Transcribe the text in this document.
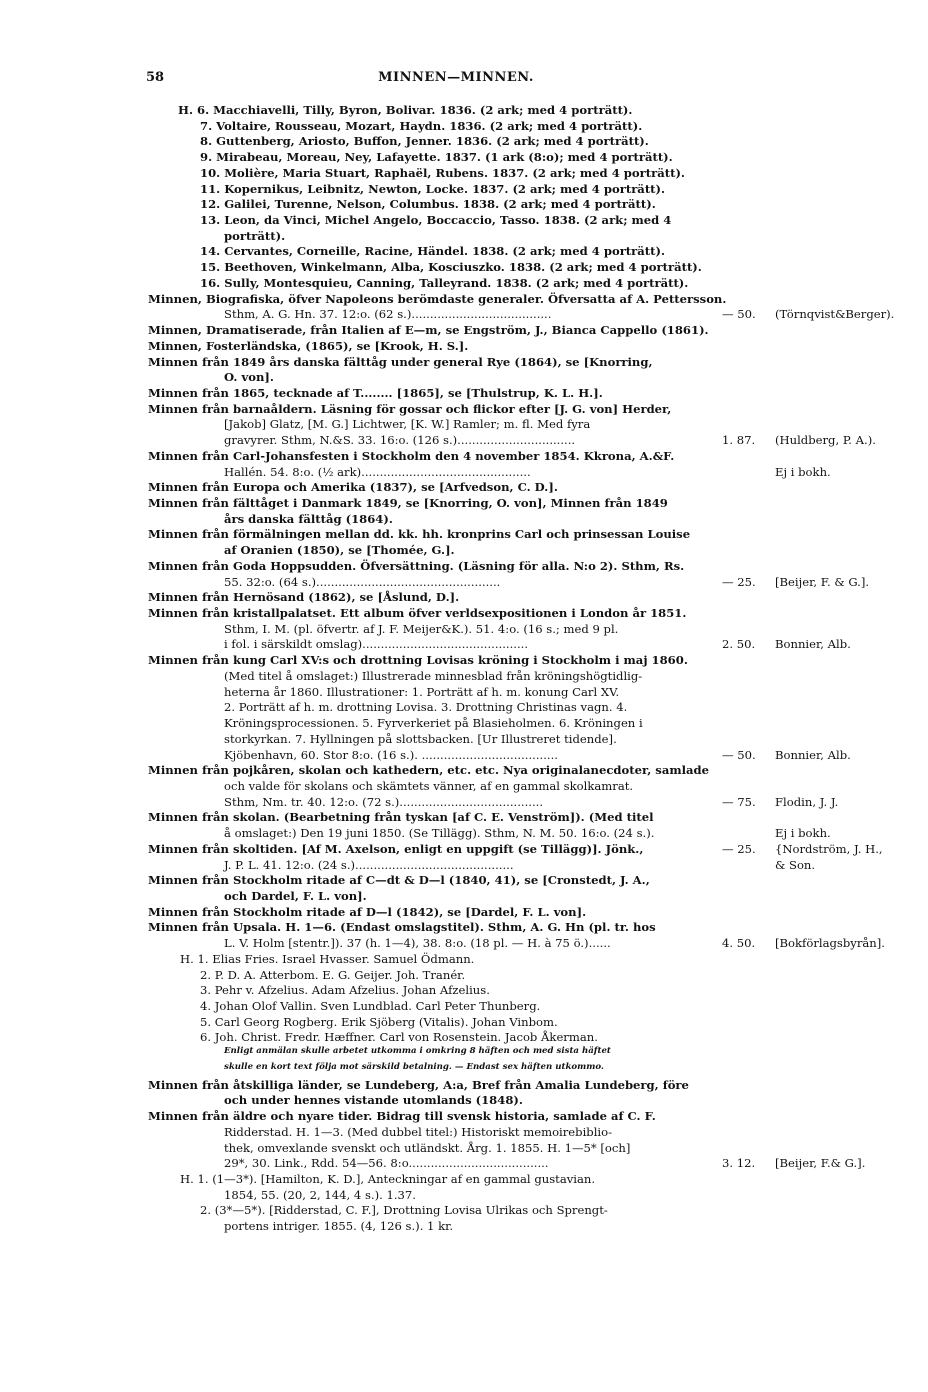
58	MINNEN—MINNEN.
H. 6. Macchiavelli, Tilly, Byron, Bolivar. 1836. (2 ark; med 4 porträtt).
7. Voltaire, Rousseau, Mozart, Haydn. 1836. (2 ark; med 4 porträtt).
8. Guttenberg, Ariosto, Buffon, Jenner. 1836. (2 ark; med 4 porträtt).
9. Mirabeau, Moreau, Ney, Lafayette. 1837. (1 ark (8:o); med 4 porträtt).
10. Molière, Maria Stuart, Raphaël, Rubens. 1837. (2 ark; med 4 porträtt).
11. Kopernikus, Leibnitz, Newton, Locke. 1837. (2 ark; med 4 porträtt).
12. Galilei, Turenne, Nelson, Columbus. 1838. (2 ark; med 4 porträtt).
13. Leon, da Vinci, Michel Angelo, Boccaccio, Tasso. 1838. (2 ark; med 4
porträtt).
14. Cervantes, Corneille, Racine, Händel. 1838. (2 ark; med 4 porträtt).
15. Beethoven, Winkelmann, Alba, Kosciuszko. 1838. (2 ark; med 4 porträtt).
16. Sully, Montesquieu, Canning, Talleyrand. 1838. (2 ark; med 4 porträtt).
Minnen, Biografiska, öfver Napoleons berömdaste generaler. Öfversatta af A. Pettersson.
Sthm, A. G. Hn. 37. 12:o. (62 s.)......................................	— 50. (Törnqvist&Berger).
Minnen, Dramatiserade, från Italien af E—m, se Engström, J., Bianca Cappello (1861).
Minnen, Fosterländska, (1865), se [Krook, H. S.].
Minnen från 1849 års danska fälttåg under general Rye (1864), se [Knorring,
O. von].
Minnen från 1865, tecknade af T........ [1865], se [Thulstrup, K. L. H.].
Minnen från barnaåldern. Läsning för gossar och flickor efter [J. G. von] Herder,
[Jakob] Glatz, [M. G.] Lichtwer, [K. W.] Ramler; m. fl. Med fyra
gravyrer. Sthm, N.&S. 33. 16:o. (126 s.)................................	1. 87. (Huldberg, P. A.).
Minnen från Carl-Johansfesten i Stockholm den 4 november 1854. Kkrona, A.&F.
Hallén. 54. 8:o. (½ ark)..............................................	Ej i bokh.
Minnen från Europa och Amerika (1837), se [Arfvedson, C. D.].
Minnen från fälttåget i Danmark 1849, se [Knorring, O. von], Minnen från 1849
års danska fälttåg (1864).
Minnen från förmälningen mellan dd. kk. hh. kronprins Carl och prinsessan Louise
af Oranien (1850), se [Thomée, G.].
Minnen från Goda Hoppsudden. Öfversättning. (Läsning för alla. N:o 2). Sthm, Rs.
55. 32:o. (64 s.)..................................................	— 25. [Beijer, F. & G.].
Minnen från Hernösand (1862), se [Åslund, D.].
Minnen från kristallpalatset. Ett album öfver verldsexpositionen i London år 1851.
Sthm, I. M. (pl. öfvertr. af J. F. Meijer&K.). 51. 4:o. (16 s.; med 9 pl.
i fol. i särskildt omslag).............................................	2. 50. Bonnier, Alb.
Minnen från kung Carl XV:s och drottning Lovisas kröning i Stockholm i maj 1860.
(Med titel å omslaget:) Illustrerade minnesblad från kröningshögtidlig-
heterna år 1860. Illustrationer: 1. Porträtt af h. m. konung Carl XV.
2. Porträtt af h. m. drottning Lovisa. 3. Drottning Christinas vagn. 4.
Kröningsprocessionen. 5. Fyrverkeriet på Blasieholmen. 6. Kröningen i
storkyrkan. 7. Hyllningen på slottsbacken. [Ur Illustreret tidende].
Kjöbenhavn, 60. Stor 8:o. (16 s.). .....................................	— 50. Bonnier, Alb.
Minnen från pojkåren, skolan och kathedern, etc. etc. Nya originalanecdoter, samlade
och valde för skolans och skämtets vänner, af en gammal skolkamrat.
Sthm, Nm. tr. 40. 12:o. (72 s.).......................................	— 75. Flodin, J. J.
Minnen från skolan. (Bearbetning från tyskan [af C. E. Venström]). (Med titel
å omslaget:) Den 19 juni 1850. (Se Tillägg). Sthm, N. M. 50. 16:o. (24 s.).	Ej i bokh.
Minnen från skoltiden. [Af M. Axelson, enligt en uppgift (se Tillägg)]. Jönk.,	— 25. {Nordström, J. H.,
J. P. L. 41. 12:o. (24 s.)...........................................	& Son.
Minnen från Stockholm ritade af C—dt & D—l (1840, 41), se [Cronstedt, J. A.,
och Dardel, F. L. von].
Minnen från Stockholm ritade af D—l (1842), se [Dardel, F. L. von].
Minnen från Upsala. H. 1—6. (Endast omslagstitel). Sthm, A. G. Hn (pl. tr. hos
L. V. Holm [stentr.]). 37 (h. 1—4), 38. 8:o. (18 pl. — H. à 75 ö.)......	4. 50. [Bokförlagsbyrån].
H. 1. Elias Fries. Israel Hvasser. Samuel Ödmann.
2. P. D. A. Atterbom. E. G. Geijer. Joh. Tranér.
3. Pehr v. Afzelius. Adam Afzelius. Johan Afzelius.
4. Johan Olof Vallin. Sven Lundblad. Carl Peter Thunberg.
5. Carl Georg Rogberg. Erik Sjöberg (Vitalis). Johan Vinbom.
6. Joh. Christ. Fredr. Hæffner. Carl von Rosenstein. Jacob Åkerman.
Enligt anmälan skulle arbetet utkomma i omkring 8 häften och med sista häftet
skulle en kort text följa mot särskild betalning. — Endast sex häften utkommo.
Minnen från åtskilliga länder, se Lundeberg, A:a, Bref från Amalia Lundeberg, före
och under hennes vistande utomlands (1848).
Minnen från äldre och nyare tider. Bidrag till svensk historia, samlade af C. F.
Ridderstad. H. 1—3. (Med dubbel titel:) Historiskt memoirebiblio-
thek, omvexlande svenskt och utländskt. Årg. 1. 1855. H. 1—5* [och]
29*, 30. Link., Rdd. 54—56. 8:o......................................	3. 12. [Beijer, F.& G.].
H. 1. (1—3*). [Hamilton, K. D.], Anteckningar af en gammal gustavian.
1854, 55. (20, 2, 144, 4 s.). 1.37.
2. (3*—5*). [Ridderstad, C. F.], Drottning Lovisa Ulrikas och Sprengt-
portens intriger. 1855. (4, 126 s.). 1 kr.
